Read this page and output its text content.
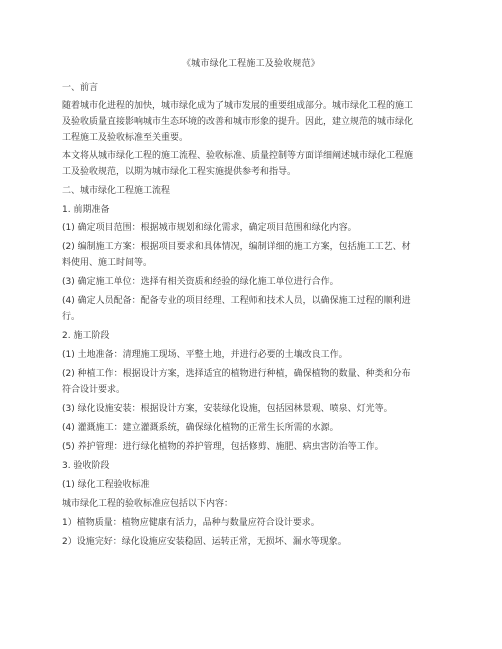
《城市绿化工程施工及验收规范》
一、前言
随着城市化进程的加快，城市绿化成为了城市发展的重要组成部分。城市绿化工程的施工
及验收质量直接影响城市生态环境的改善和城市形象的提升。因此，建立规范的城市绿化
工程施工及验收标准至关重要。
本文将从城市绿化工程的施工流程、验收标准、质量控制等方面详细阐述城市绿化工程施
工及验收规范，以期为城市绿化工程实施提供参考和指导。
二、城市绿化工程施工流程
1. 前期准备
(1) 确定项目范围：根据城市规划和绿化需求，确定项目范围和绿化内容。
(2) 编制施工方案：根据项目要求和具体情况，编制详细的施工方案，包括施工工艺、材
料使用、施工时间等。
(3) 确定施工单位：选择有相关资质和经验的绿化施工单位进行合作。
(4) 确定人员配备：配备专业的项目经理、工程师和技术人员，以确保施工过程的顺利进
行。
2. 施工阶段
(1) 土地准备：清理施工现场、平整土地，并进行必要的土壤改良工作。
(2) 种植工作：根据设计方案，选择适宜的植物进行种植，确保植物的数量、种类和分布
符合设计要求。
(3) 绿化设施安装：根据设计方案，安装绿化设施，包括园林景观、喷泉、灯光等。
(4) 灌溉施工：建立灌溉系统，确保绿化植物的正常生长所需的水源。
(5) 养护管理：进行绿化植物的养护管理，包括修剪、施肥、病虫害防治等工作。
3. 验收阶段
(1) 绿化工程验收标准
城市绿化工程的验收标准应包括以下内容：
1）植物质量：植物应健康有活力，品种与数量应符合设计要求。
2）设施完好：绿化设施应安装稳固、运转正常，无损坏、漏水等现象。
